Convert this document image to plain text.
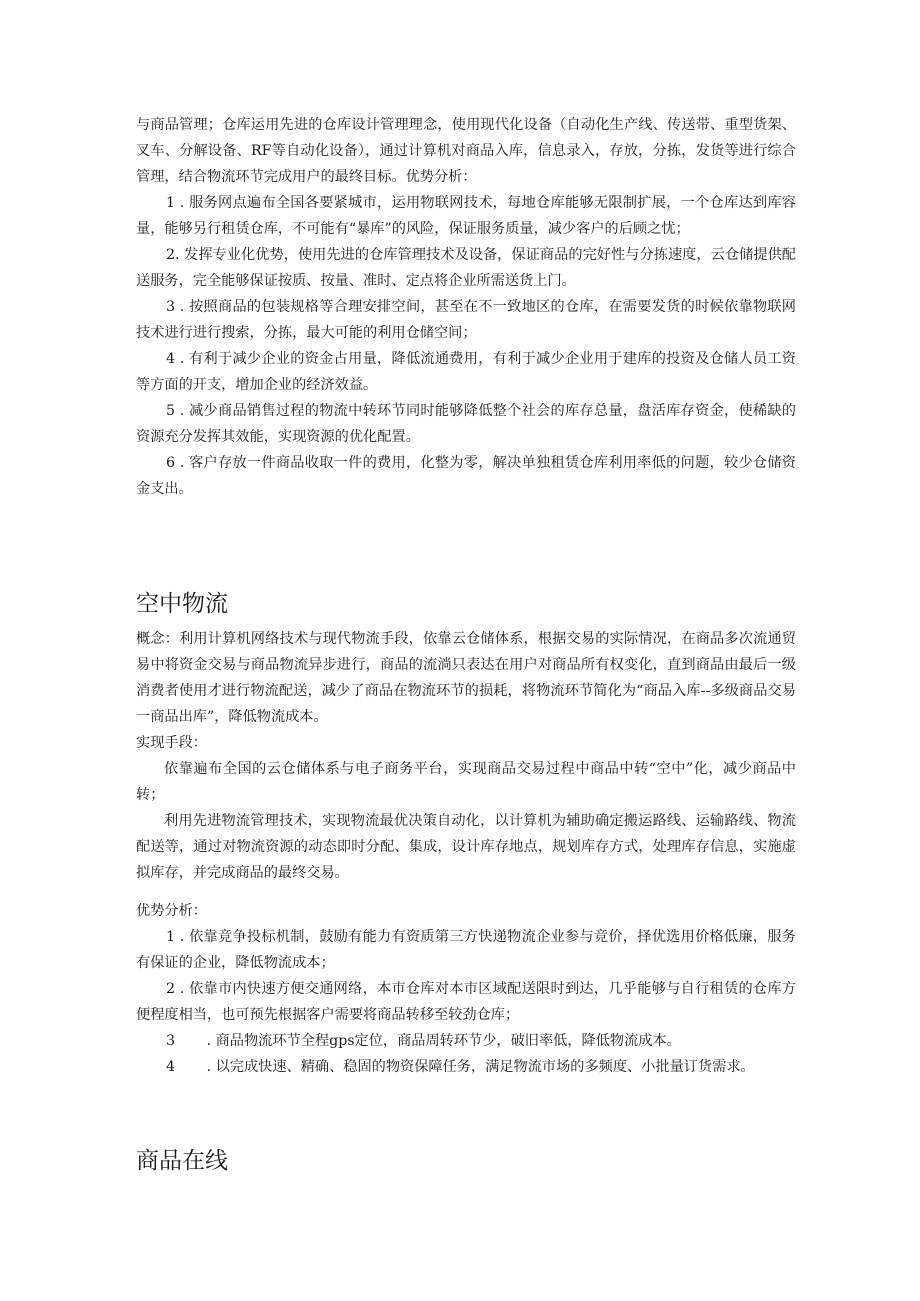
与商品管理；仓库运用先进的仓库设计管理理念，使用现代化设备（自动化生产线、传送带、重型货架、叉车、分解设备、RF等自动化设备），通过计算机对商品入库，信息录入，存放，分拣，发货等进行综合管理，结合物流环节完成用户的最终目标。优势分析：

1 . 服务网点遍布全国各要紧城市，运用物联网技术，每地仓库能够无限制扩展，一个仓库达到库容量，能够另行租赁仓库，不可能有“暴库”的风险，保证服务质量，减少客户的后顾之忧；

2. 发挥专业化优势，使用先进的仓库管理技术及设备，保证商品的完好性与分拣速度，云仓储提供配送服务，完全能够保证按质、按量、准时、定点将企业所需送货上门。

3 . 按照商品的包装规格等合理安排空间，甚至在不一致地区的仓库，在需要发货的时候依靠物联网技术进行进行搜索，分拣，最大可能的利用仓储空间；

4 . 有利于减少企业的资金占用量，降低流通费用，有利于减少企业用于建库的投资及仓储人员工资等方面的开支，增加企业的经济效益。

5 . 减少商品销售过程的物流中转环节同时能够降低整个社会的库存总量，盘活库存资金，使稀缺的资源充分发挥其效能，实现资源的优化配置。

6 . 客户存放一件商品收取一件的费用，化整为零，解决单独租赁仓库利用率低的问题，较少仓储资金支出。

空中物流

概念：利用计算机网络技术与现代物流手段，依靠云仓储体系，根据交易的实际情况，在商品多次流通贸易中将资金交易与商品物流异步进行，商品的流淌只表达在用户对商品所有权变化，直到商品由最后一级消费者使用才进行物流配送，减少了商品在物流环节的损耗，将物流环节简化为“商品入库--多级商品交易一商品出库”，降低物流成本。

实现手段：

依靠遍布全国的云仓储体系与电子商务平台，实现商品交易过程中商品中转“空中”化，减少商品中转；

利用先进物流管理技术，实现物流最优决策自动化，以计算机为辅助确定搬运路线、运输路线、物流配送等，通过对物流资源的动态即时分配、集成，设计库存地点，规划库存方式，处理库存信息，实施虚拟库存，并完成商品的最终交易。

优势分析：

1 . 依靠竞争投标机制，鼓励有能力有资质第三方快递物流企业参与竞价，择优选用价格低廉，服务有保证的企业，降低物流成本；

2 . 依靠市内快速方便交通网络，本市仓库对本市区域配送限时到达，几乎能够与自行租赁的仓库方便程度相当，也可预先根据客户需要将商品转移至较劲仓库；

3       . 商品物流环节全程gps定位，商品周转环节少，破旧率低，降低物流成本。

4       . 以完成快速、精确、稳固的物资保障任务，满足物流市场的多频度、小批量订货需求。

商品在线
